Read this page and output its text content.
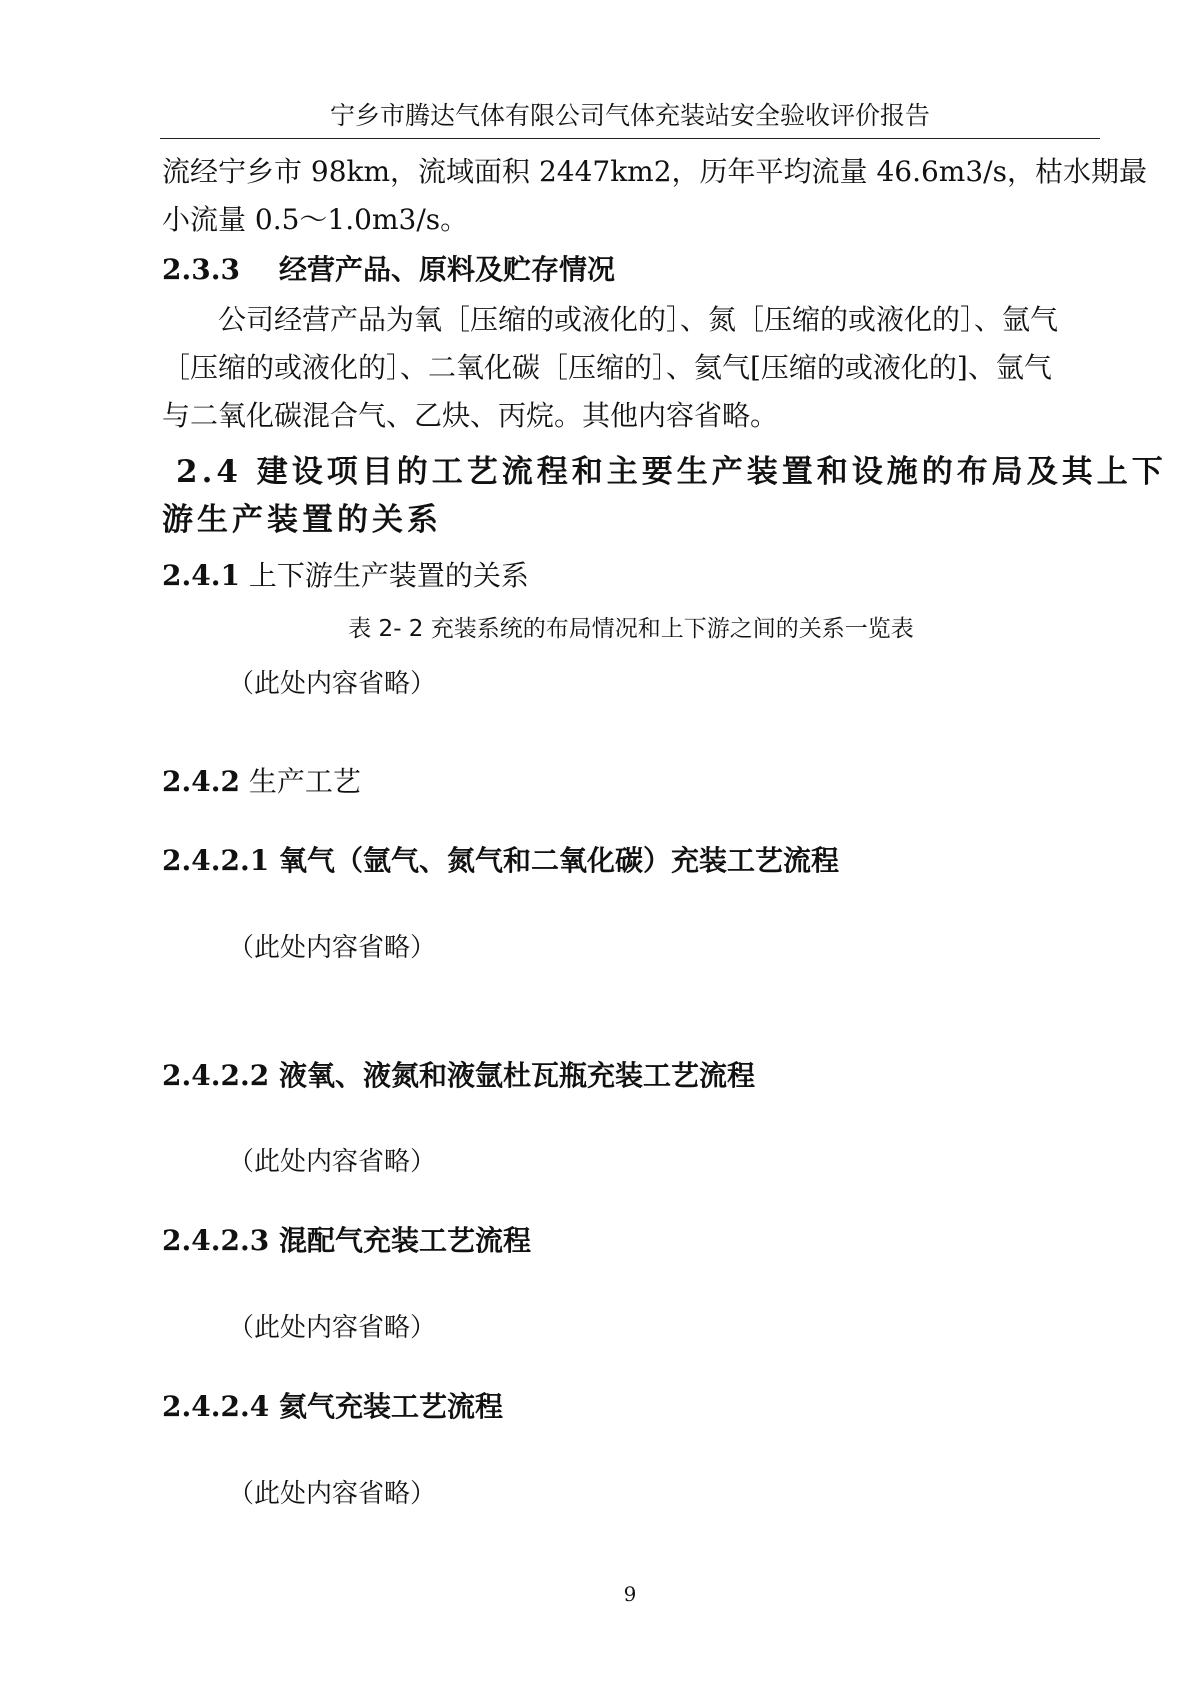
宁乡市腾达气体有限公司气体充装站安全验收评价报告
流经宁乡市 98km，流域面积 2447km2，历年平均流量 46.6m3/s，枯水期最
小流量 0.5～1.0m3/s。
2.3.3 经营产品、原料及贮存情况
公司经营产品为氧［压缩的或液化的］、氮［压缩的或液化的］、氩气
［压缩的或液化的］、二氧化碳［压缩的］、氦气[压缩的或液化的]、氩气
与二氧化碳混合气、乙炔、丙烷。其他内容省略。
2.4 建设项目的工艺流程和主要生产装置和设施的布局及其上下
游生产装置的关系
2.4.1 上下游生产装置的关系
表 2- 2 充装系统的布局情况和上下游之间的关系一览表
（此处内容省略）
2.4.2 生产工艺
2.4.2.1 氧气（氩气、氮气和二氧化碳）充装工艺流程
（此处内容省略）
2.4.2.2 液氧、液氮和液氩杜瓦瓶充装工艺流程
（此处内容省略）
2.4.2.3 混配气充装工艺流程
（此处内容省略）
2.4.2.4 氦气充装工艺流程
（此处内容省略）
9
